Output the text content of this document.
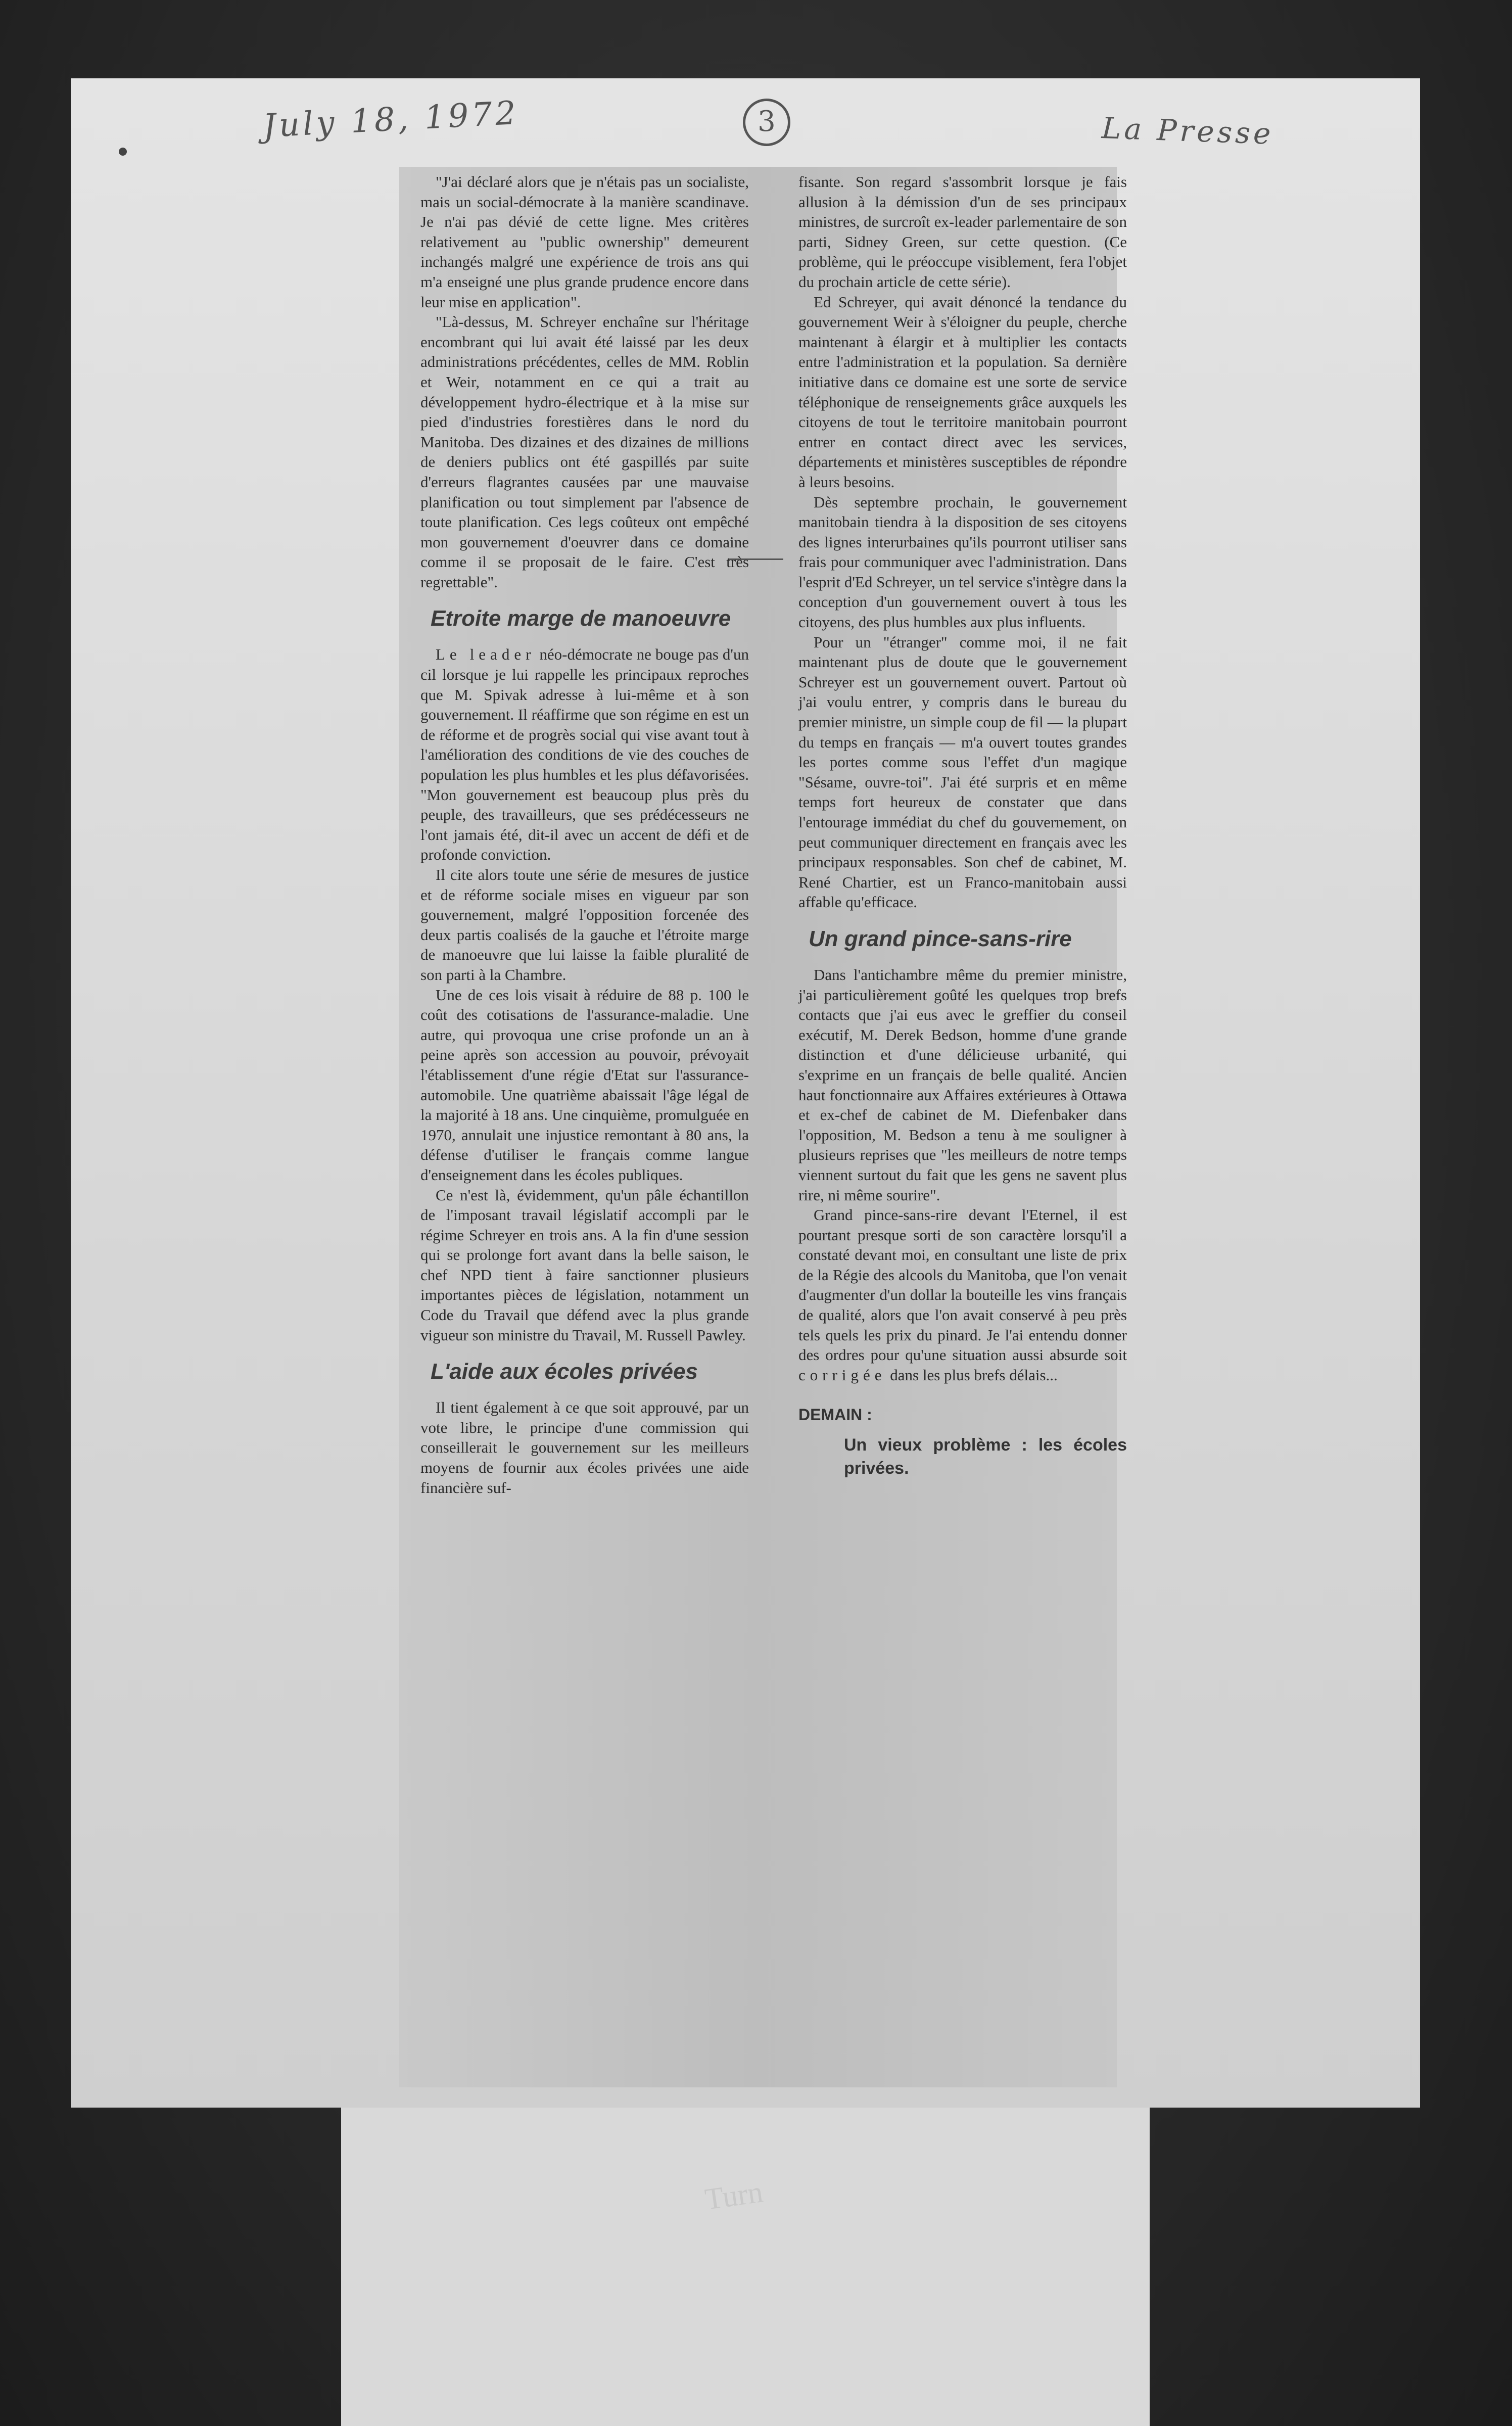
Turn
July 18, 1972	3	La Presse

"J'ai déclaré alors que je n'étais pas un socialiste, mais un social-démocrate à la manière scandinave. Je n'ai pas dévié de cette ligne. Mes critères relativement au "public ownership" demeurent inchangés malgré une expérience de trois ans qui m'a enseigné une plus grande prudence encore dans leur mise en application".

"Là-dessus, M. Schreyer enchaîne sur l'héritage encombrant qui lui avait été laissé par les deux administrations précédentes, celles de MM. Roblin et Weir, notamment en ce qui a trait au développement hydro-électrique et à la mise sur pied d'industries forestières dans le nord du Manitoba. Des dizaines et des dizaines de millions de deniers publics ont été gaspillés par suite d'erreurs flagrantes causées par une mauvaise planification ou tout simplement par l'absence de toute planification. Ces legs coûteux ont empêché mon gouvernement d'oeuvrer dans ce domaine comme il se proposait de le faire. C'est très regrettable".

Etroite marge de manoeuvre

Le leader néo-démocrate ne bouge pas d'un cil lorsque je lui rappelle les principaux reproches que M. Spivak adresse à lui-même et à son gouvernement. Il réaffirme que son régime en est un de réforme et de progrès social qui vise avant tout à l'amélioration des conditions de vie des couches de population les plus humbles et les plus défavorisées. "Mon gouvernement est beaucoup plus près du peuple, des travailleurs, que ses prédécesseurs ne l'ont jamais été, dit-il avec un accent de défi et de profonde conviction.

Il cite alors toute une série de mesures de justice et de réforme sociale mises en vigueur par son gouvernement, malgré l'opposition forcenée des deux partis coalisés de la gauche et l'étroite marge de manoeuvre que lui laisse la faible pluralité de son parti à la Chambre.

Une de ces lois visait à réduire de 88 p. 100 le coût des cotisations de l'assurance-maladie. Une autre, qui provoqua une crise profonde un an à peine après son accession au pouvoir, prévoyait l'établissement d'une régie d'Etat sur l'assurance-automobile. Une quatrième abaissait l'âge légal de la majorité à 18 ans. Une cinquième, promulguée en 1970, annulait une injustice remontant à 80 ans, la défense d'utiliser le français comme langue d'enseignement dans les écoles publiques.

Ce n'est là, évidemment, qu'un pâle échantillon de l'imposant travail législatif accompli par le régime Schreyer en trois ans. A la fin d'une session qui se prolonge fort avant dans la belle saison, le chef NPD tient à faire sanctionner plusieurs importantes pièces de législation, notamment un Code du Travail que défend avec la plus grande vigueur son ministre du Travail, M. Russell Pawley.

L'aide aux écoles privées

Il tient également à ce que soit approuvé, par un vote libre, le principe d'une commission qui conseillerait le gouvernement sur les meilleurs moyens de fournir aux écoles privées une aide financière suf-

fisante. Son regard s'assombrit lorsque je fais allusion à la démission d'un de ses principaux ministres, de surcroît ex-leader parlementaire de son parti, Sidney Green, sur cette question. (Ce problème, qui le préoccupe visiblement, fera l'objet du prochain article de cette série).

Ed Schreyer, qui avait dénoncé la tendance du gouvernement Weir à s'éloigner du peuple, cherche maintenant à élargir et à multiplier les contacts entre l'administration et la population. Sa dernière initiative dans ce domaine est une sorte de service téléphonique de renseignements grâce auxquels les citoyens de tout le territoire manitobain pourront entrer en contact direct avec les services, départements et ministères susceptibles de répondre à leurs besoins.

Dès septembre prochain, le gouvernement manitobain tiendra à la disposition de ses citoyens des lignes interurbaines qu'ils pourront utiliser sans frais pour communiquer avec l'administration. Dans l'esprit d'Ed Schreyer, un tel service s'intègre dans la conception d'un gouvernement ouvert à tous les citoyens, des plus humbles aux plus influents.

Pour un "étranger" comme moi, il ne fait maintenant plus de doute que le gouvernement Schreyer est un gouvernement ouvert. Partout où j'ai voulu entrer, y compris dans le bureau du premier ministre, un simple coup de fil — la plupart du temps en français — m'a ouvert toutes grandes les portes comme sous l'effet d'un magique "Sésame, ouvre-toi". J'ai été surpris et en même temps fort heureux de constater que dans l'entourage immédiat du chef du gouvernement, on peut communiquer directement en français avec les principaux responsables. Son chef de cabinet, M. René Chartier, est un Franco-manitobain aussi affable qu'efficace.

Un grand pince-sans-rire

Dans l'antichambre même du premier ministre, j'ai particulièrement goûté les quelques trop brefs contacts que j'ai eus avec le greffier du conseil exécutif, M. Derek Bedson, homme d'une grande distinction et d'une délicieuse urbanité, qui s'exprime en un français de belle qualité. Ancien haut fonctionnaire aux Affaires extérieures à Ottawa et ex-chef de cabinet de M. Diefenbaker dans l'opposition, M. Bedson a tenu à me souligner à plusieurs reprises que "les meilleurs de notre temps viennent surtout du fait que les gens ne savent plus rire, ni même sourire".

Grand pince-sans-rire devant l'Eternel, il est pourtant presque sorti de son caractère lorsqu'il a constaté devant moi, en consultant une liste de prix de la Régie des alcools du Manitoba, que l'on venait d'augmenter d'un dollar la bouteille les vins français de qualité, alors que l'on avait conservé à peu près tels quels les prix du pinard. Je l'ai entendu donner des ordres pour qu'une situation aussi absurde soit corrigée dans les plus brefs délais...

DEMAIN :
Un vieux problème : les écoles privées.
